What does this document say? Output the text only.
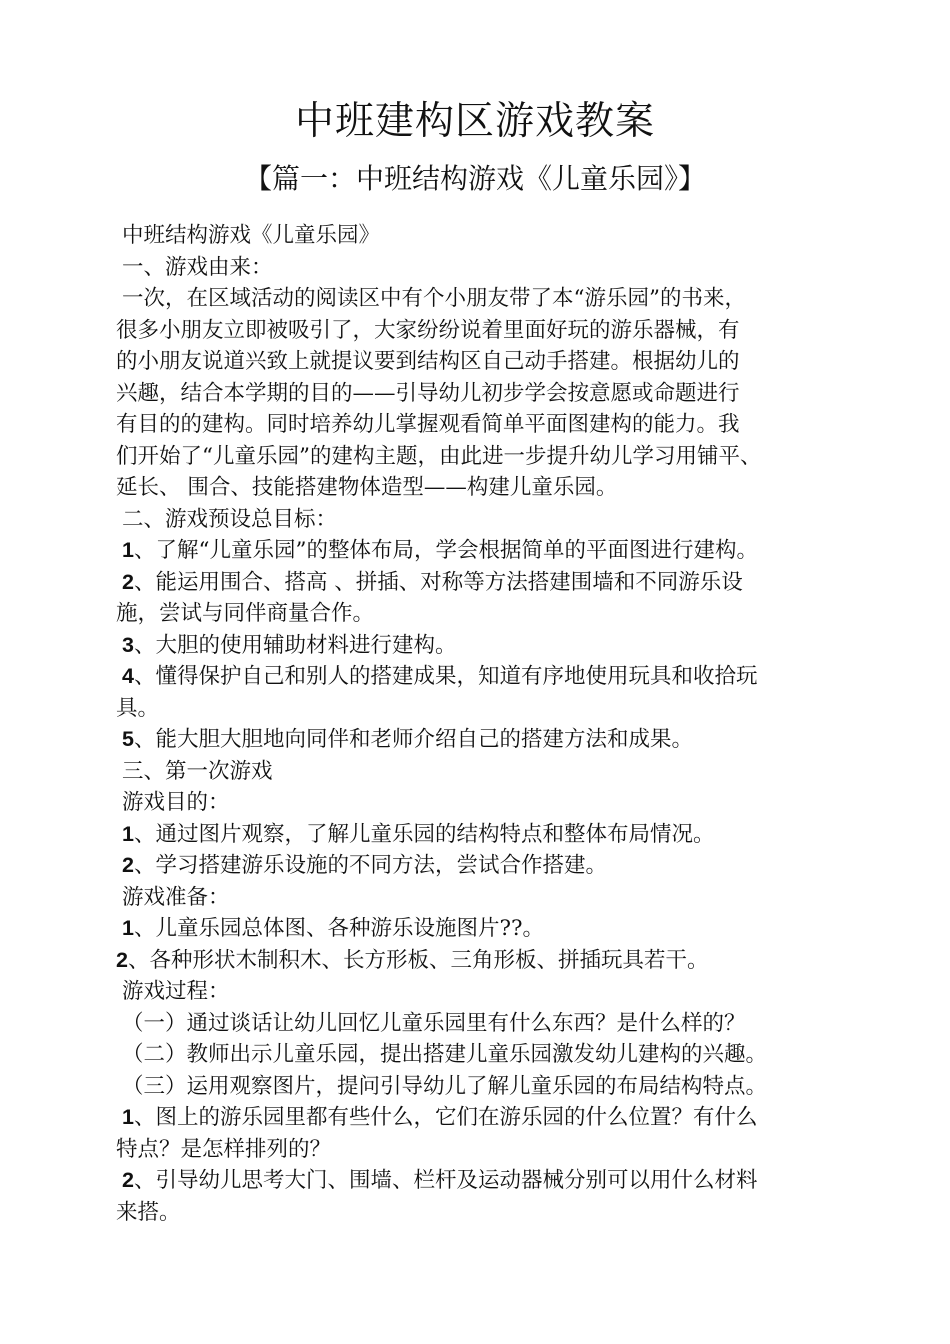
中班建构区游戏教案
【篇一：中班结构游戏《儿童乐园》】
中班结构游戏《儿童乐园》
一、游戏由来：
一次，在区域活动的阅读区中有个小朋友带了本“游乐园”的书来，
很多小朋友立即被吸引了，大家纷纷说着里面好玩的游乐器械，有
的小朋友说道兴致上就提议要到结构区自己动手搭建。根据幼儿的
兴趣，结合本学期的目的——引导幼儿初步学会按意愿或命题进行
有目的的建构。同时培养幼儿掌握观看简单平面图建构的能力。我
们开始了“儿童乐园”的建构主题，由此进一步提升幼儿学习用铺平、
延长、 围合、技能搭建物体造型——构建儿童乐园。
二、游戏预设总目标：
1、了解“儿童乐园”的整体布局，学会根据简单的平面图进行建构。
2、能运用围合、搭高 、拼插、对称等方法搭建围墙和不同游乐设
施，尝试与同伴商量合作。
3、大胆的使用辅助材料进行建构。
4、懂得保护自己和别人的搭建成果，知道有序地使用玩具和收拾玩
具。
5、能大胆大胆地向同伴和老师介绍自己的搭建方法和成果。
三、第一次游戏
游戏目的：
1、通过图片观察，了解儿童乐园的结构特点和整体布局情况。
2、学习搭建游乐设施的不同方法，尝试合作搭建。
游戏准备：
1、儿童乐园总体图、各种游乐设施图片??。
2、各种形状木制积木、长方形板、三角形板、拼插玩具若干。
游戏过程：
（一）通过谈话让幼儿回忆儿童乐园里有什么东西？是什么样的？
（二）教师出示儿童乐园，提出搭建儿童乐园激发幼儿建构的兴趣。
（三）运用观察图片，提问引导幼儿了解儿童乐园的布局结构特点。
1、图上的游乐园里都有些什么，它们在游乐园的什么位置？有什么
特点？是怎样排列的？
2、引导幼儿思考大门、围墙、栏杆及运动器械分别可以用什么材料
来搭。
